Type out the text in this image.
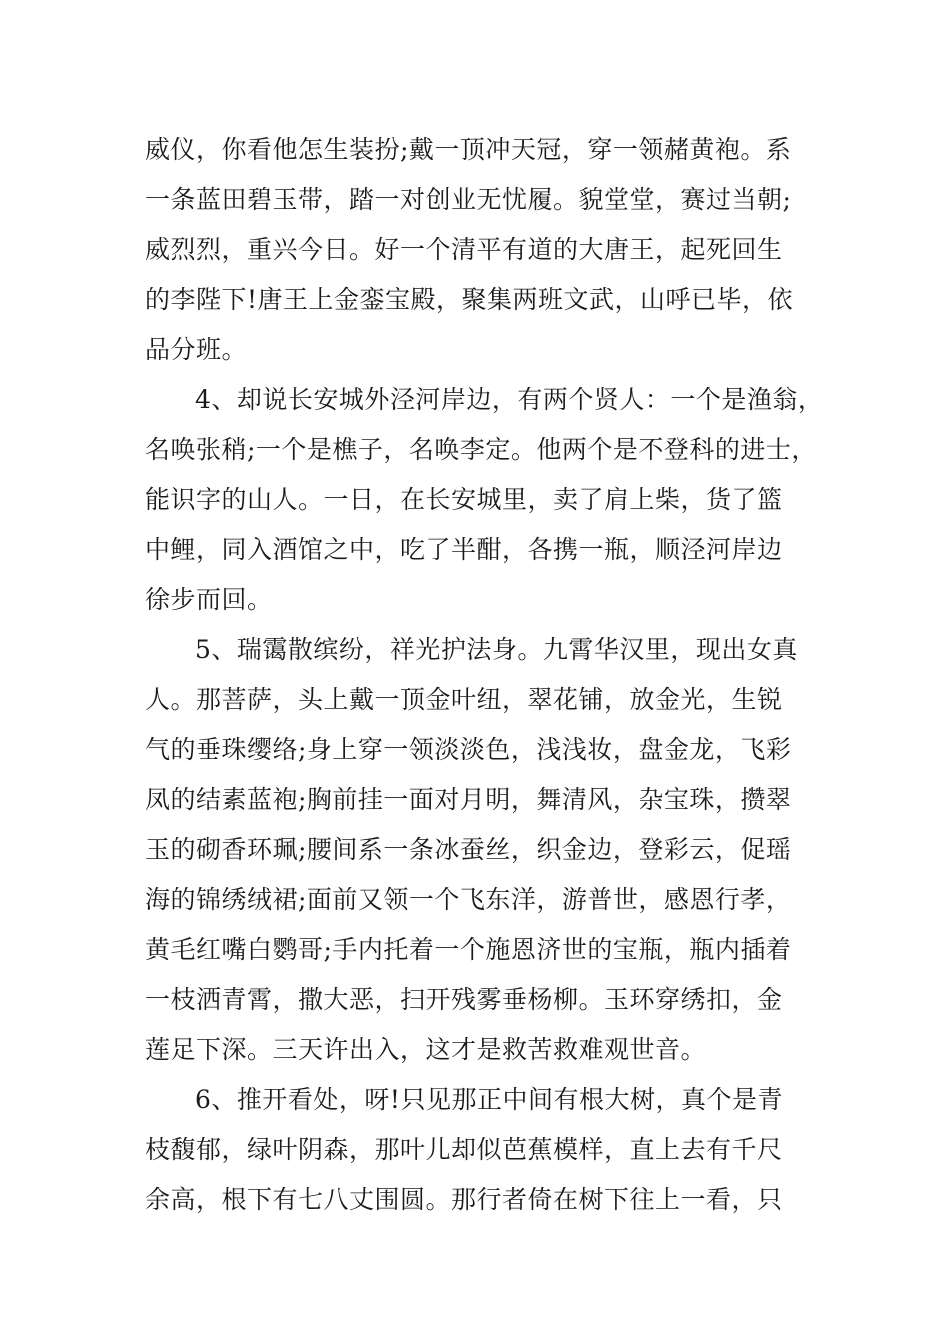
威仪，你看他怎生装扮;戴一顶冲天冠，穿一领赭黄袍。系
一条蓝田碧玉带，踏一对创业无忧履。貌堂堂，赛过当朝;
威烈烈，重兴今日。好一个清平有道的大唐王，起死回生
的李陛下!唐王上金銮宝殿，聚集两班文武，山呼已毕，依
品分班。
4、却说长安城外泾河岸边，有两个贤人：一个是渔翁，
名唤张稍;一个是樵子，名唤李定。他两个是不登科的进士，
能识字的山人。一日，在长安城里，卖了肩上柴，货了篮
中鲤，同入酒馆之中，吃了半酣，各携一瓶，顺泾河岸边
徐步而回。
5、瑞霭散缤纷，祥光护法身。九霄华汉里，现出女真
人。那菩萨，头上戴一顶金叶纽，翠花铺，放金光，生锐
气的垂珠缨络;身上穿一领淡淡色，浅浅妆，盘金龙，飞彩
凤的结素蓝袍;胸前挂一面对月明，舞清风，杂宝珠，攒翠
玉的砌香环珮;腰间系一条冰蚕丝，织金边，登彩云，促瑶
海的锦绣绒裙;面前又领一个飞东洋，游普世，感恩行孝，
黄毛红嘴白鹦哥;手内托着一个施恩济世的宝瓶，瓶内插着
一枝洒青霄，撒大恶，扫开残雾垂杨柳。玉环穿绣扣，金
莲足下深。三天许出入，这才是救苦救难观世音。
6、推开看处，呀!只见那正中间有根大树，真个是青
枝馥郁，绿叶阴森，那叶儿却似芭蕉模样，直上去有千尺
余高，根下有七八丈围圆。那行者倚在树下往上一看，只
